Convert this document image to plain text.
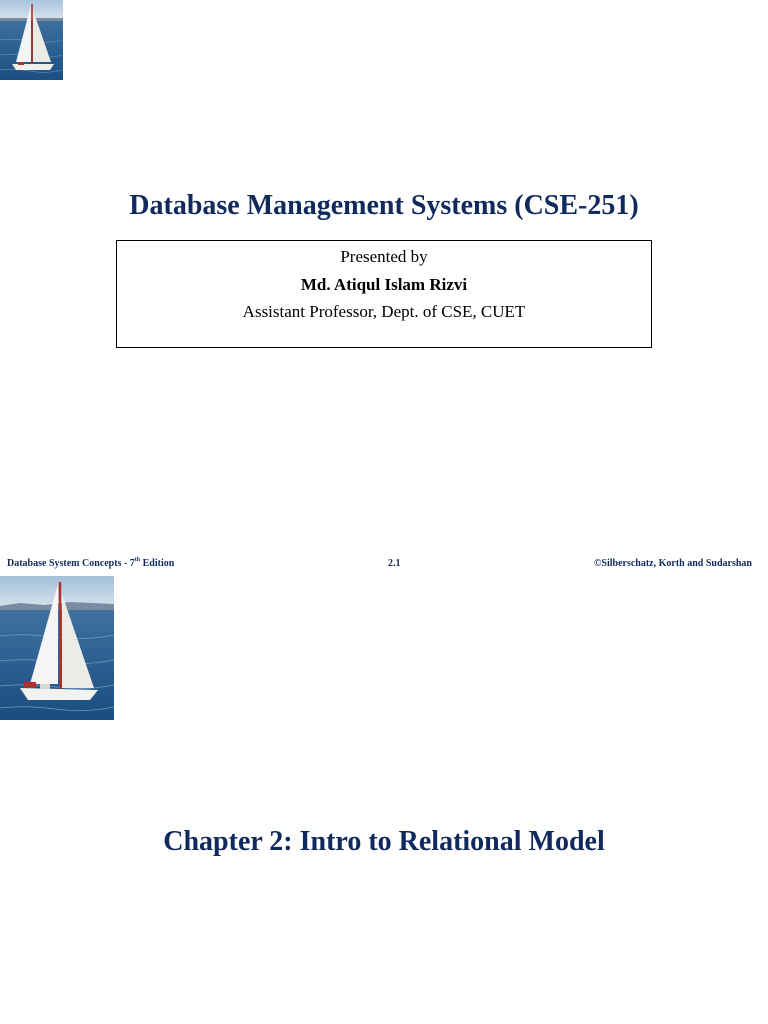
Database Management Systems (CSE-251)
Presented by
Md. Atiqul Islam Rizvi
Assistant Professor, Dept. of CSE, CUET
Database System Concepts - 7th Edition	2.1	©Silberschatz, Korth and Sudarshan
Chapter 2: Intro to Relational Model
